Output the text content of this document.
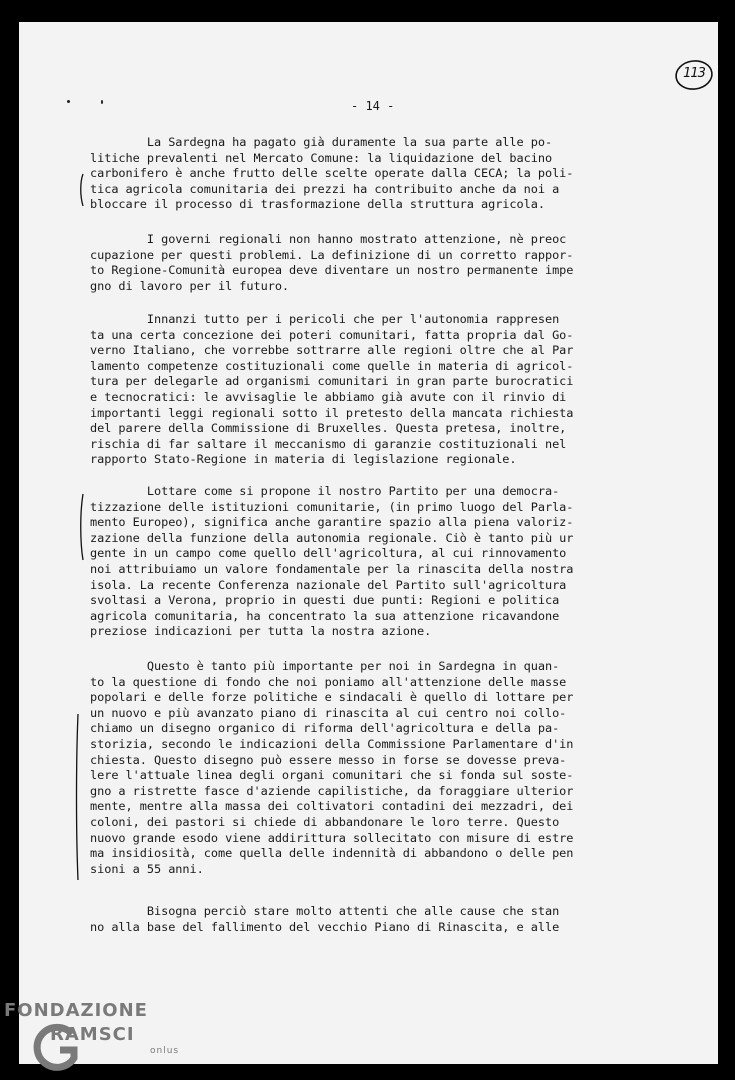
113
- 14 -
La Sardegna ha pagato già duramente la sua parte alle po-
litiche prevalenti nel Mercato Comune: la liquidazione del bacino
carbonifero è anche frutto delle scelte operate dalla CECA; la poli-
tica agricola comunitaria dei prezzi ha contribuito anche da noi a
bloccare il processo di trasformazione della struttura agricola.
I governi regionali non hanno mostrato attenzione, nè preoc
cupazione per questi problemi. La definizione di un corretto rappor-
to Regione-Comunità europea deve diventare un nostro permanente impe
gno di lavoro per il futuro.
Innanzi tutto per i pericoli che per l'autonomia rappresen
ta una certa concezione dei poteri comunitari, fatta propria dal Go-
verno Italiano, che vorrebbe sottrarre alle regioni oltre che al Par
lamento competenze costituzionali come quelle in materia di agricol-
tura per delegarle ad organismi comunitari in gran parte burocratici
e tecnocratici: le avvisaglie le abbiamo già avute con il rinvio di
importanti leggi regionali sotto il pretesto della mancata richiesta
del parere della Commissione di Bruxelles. Questa pretesa, inoltre,
rischia di far saltare il meccanismo di garanzie costituzionali nel
rapporto Stato-Regione in materia di legislazione regionale.
Lottare come si propone il nostro Partito per una democra-
tizzazione delle istituzioni comunitarie, (in primo luogo del Parla-
mento Europeo), significa anche garantire spazio alla piena valoriz-
zazione della funzione della autonomia regionale. Ciò è tanto più ur
gente in un campo come quello dell'agricoltura, al cui rinnovamento
noi attribuiamo un valore fondamentale per la rinascita della nostra
isola. La recente Conferenza nazionale del Partito sull'agricoltura
svoltasi a Verona, proprio in questi due punti: Regioni e politica
agricola comunitaria, ha concentrato la sua attenzione ricavandone
preziose indicazioni per tutta la nostra azione.
Questo è tanto più importante per noi in Sardegna in quan-
to la questione di fondo che noi poniamo all'attenzione delle masse
popolari e delle forze politiche e sindacali è quello di lottare per
un nuovo e più avanzato piano di rinascita al cui centro noi collo-
chiamo un disegno organico di riforma dell'agricoltura e della pa-
storizia, secondo le indicazioni della Commissione Parlamentare d'in
chiesta. Questo disegno può essere messo in forse se dovesse preva-
lere l'attuale linea degli organi comunitari che si fonda sul soste-
gno a ristrette fasce d'aziende capilistiche, da foraggiare ulterior
mente, mentre alla massa dei coltivatori contadini dei mezzadri, dei
coloni, dei pastori si chiede di abbandonare le loro terre. Questo
nuovo grande esodo viene addirittura sollecitato con misure di estre
ma insidiosità, come quella delle indennità di abbandono o delle pen
sioni a 55 anni.
Bisogna perciò stare molto attenti che alle cause che stan
no alla base del fallimento del vecchio Piano di Rinascita, e alle
FONDAZIONE
RAMSCI
onlus
